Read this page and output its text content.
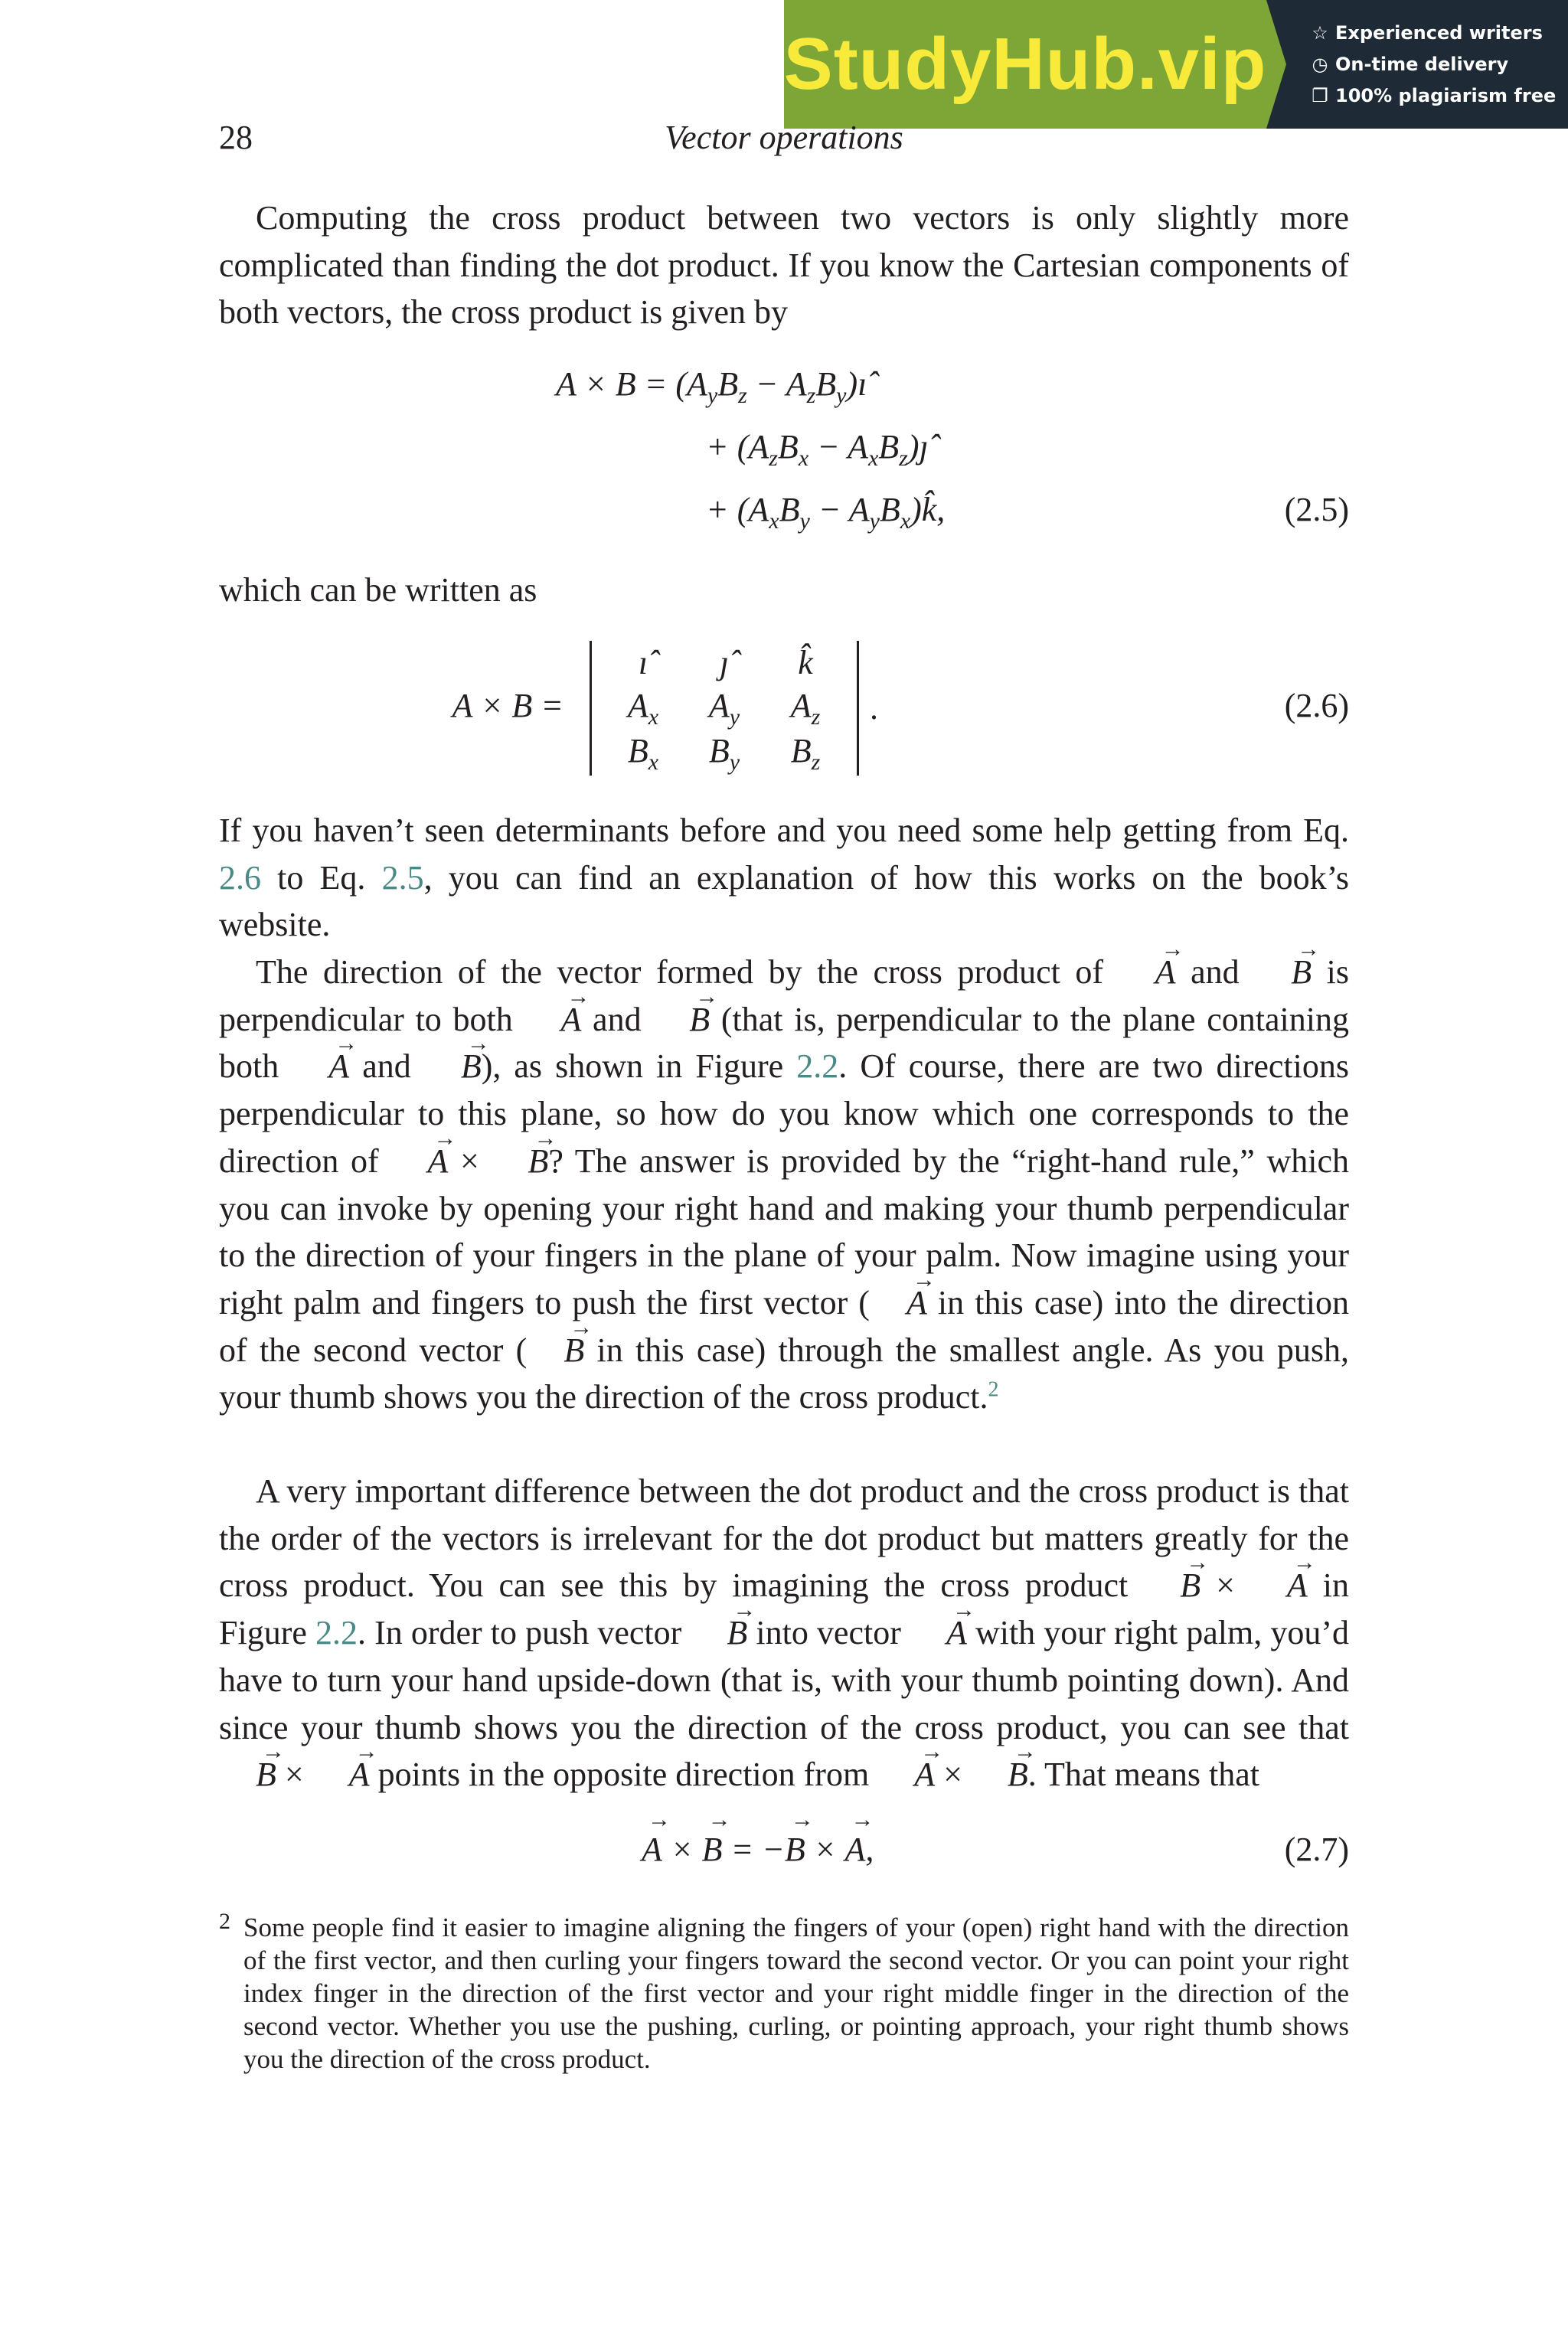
StudyHub.vip ☆ Experienced writers
◷ On-time delivery
❐ 100% plagiarism free
Vector operations
28

Computing the cross product between two vectors is only slightly more complicated than finding the dot product. If you know the Cartesian components of both vectors, the cross product is given by

$A \times B = (A_yB_z$ − $A_zB_y)ı̂$
+ ($A_zB_x$ − $A_xB_z)ȷ̂$
+ ($A_xB_y$ − $A_yB_x)k̂$,	(2.5)

which can be written as

A × B =
ı̂	ȷ̂	k̂
$A_x$	$A_y$	$A_z$
$B_x$	$B_y$	$B_z$
.	(2.6)

If you haven’t seen determinants before and you need some help getting from Eq. 2.6 to Eq. 2.5, you can find an explanation of how this works on the book’s website.

The direction of the vector formed by the cross product of → A and → B is perpendicular to both → A and → B (that is, perpendicular to the plane containing both → A and → B), as shown in Figure 2.2. Of course, there are two directions perpendicular to this plane, so how do you know which one corresponds to the direction of → A × → B? The answer is provided by the “right-hand rule,” which you can invoke by opening your right hand and making your thumb perpendicular to the direction of your fingers in the plane of your palm. Now imagine using your right palm and fingers to push the first vector ( → A in this case) into the direction of the second vector ( → B in this case) through the smallest angle. As you push, your thumb shows you the direction of the cross product.$^2$

A very important difference between the dot product and the cross product is that the order of the vectors is irrelevant for the dot product but matters greatly for the cross product. You can see this by imagining the cross product → B × → A in Figure 2.2. In order to push vector → B into vector → A with your right palm, you’d have to turn your hand upside-down (that is, with your thumb pointing down). And since your thumb shows you the direction of the cross product, you can see that → B × → A points in the opposite direction from → A × → B. That means that

→ A × → B = −→ B × → A,	(2.7)
2 Some people find it easier to imagine aligning the fingers of your (open) right hand with the direction of the first vector, and then curling your fingers toward the second vector. Or you can point your right index finger in the direction of the first vector and your right middle finger in the direction of the second vector. Whether you use the pushing, curling, or pointing approach, your right thumb shows you the direction of the cross product.
